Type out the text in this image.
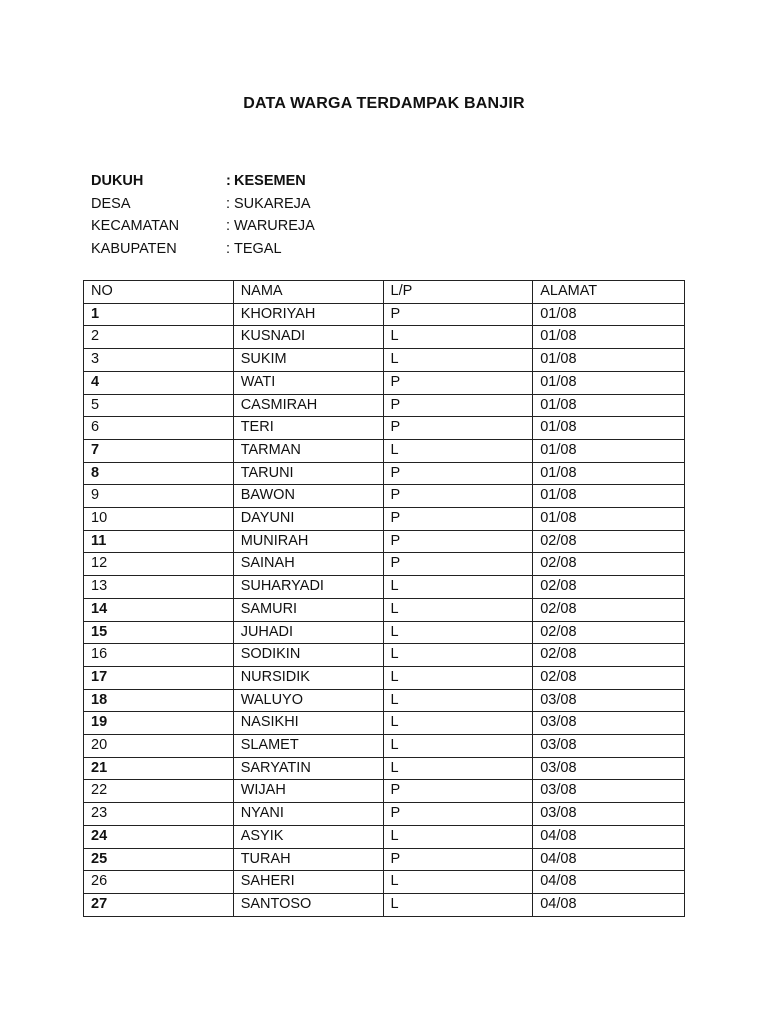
DATA WARGA TERDAMPAK BANJIR
DUKUH	: KESEMEN
DESA	: SUKAREJA
KECAMATAN	: WARUREJA
KABUPATEN	: TEGAL
NO	NAMA	L/P	ALAMAT
1	KHORIYAH	P	01/08
2	KUSNADI	L	01/08
3	SUKIM	L	01/08
4	WATI	P	01/08
5	CASMIRAH	P	01/08
6	TERI	P	01/08
7	TARMAN	L	01/08
8	TARUNI	P	01/08
9	BAWON	P	01/08
10	DAYUNI	P	01/08
11	MUNIRAH	P	02/08
12	SAINAH	P	02/08
13	SUHARYADI	L	02/08
14	SAMURI	L	02/08
15	JUHADI	L	02/08
16	SODIKIN	L	02/08
17	NURSIDIK	L	02/08
18	WALUYO	L	03/08
19	NASIKHI	L	03/08
20	SLAMET	L	03/08
21	SARYATIN	L	03/08
22	WIJAH	P	03/08
23	NYANI	P	03/08
24	ASYIK	L	04/08
25	TURAH	P	04/08
26	SAHERI	L	04/08
27	SANTOSO	L	04/08
